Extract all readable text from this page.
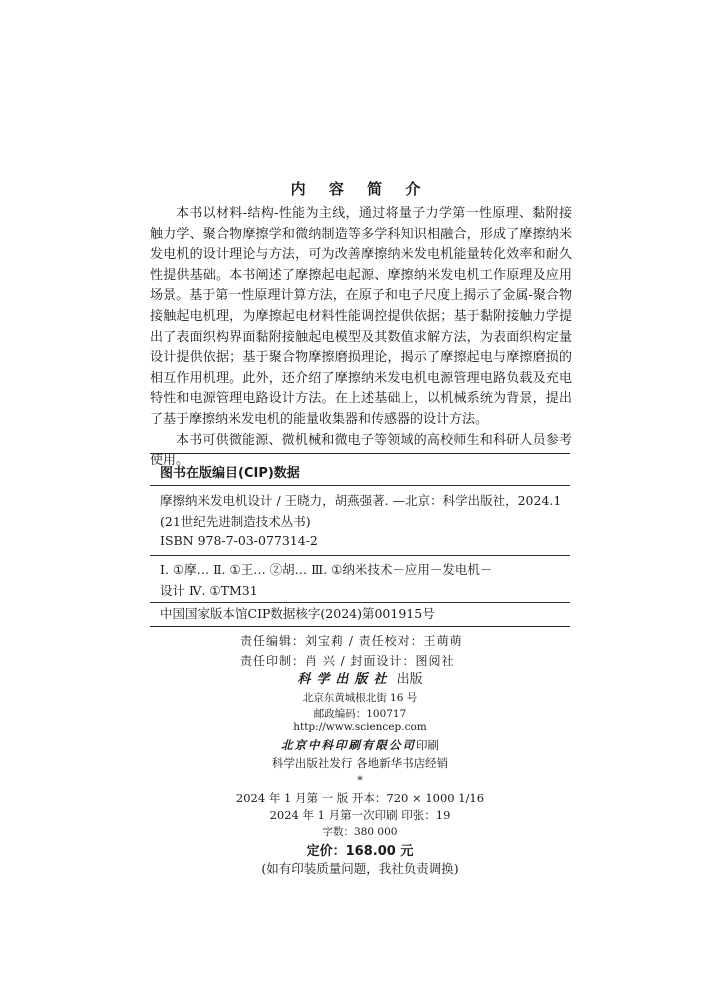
内 容 简 介

本书以材料-结构-性能为主线，通过将量子力学第一性原理、黏附接触力学、聚合物摩擦学和微纳制造等多学科知识相融合，形成了摩擦纳米发电机的设计理论与方法，可为改善摩擦纳米发电机能量转化效率和耐久性提供基础。本书阐述了摩擦起电起源、摩擦纳米发电机工作原理及应用场景。基于第一性原理计算方法，在原子和电子尺度上揭示了金属-聚合物接触起电机理，为摩擦起电材料性能调控提供依据；基于黏附接触力学提出了表面织构界面黏附接触起电模型及其数值求解方法，为表面织构定量设计提供依据；基于聚合物摩擦磨损理论，揭示了摩擦起电与摩擦磨损的相互作用机理。此外，还介绍了摩擦纳米发电机电源管理电路负载及充电特性和电源管理电路设计方法。在上述基础上，以机械系统为背景，提出了基于摩擦纳米发电机的能量收集器和传感器的设计方法。

本书可供微能源、微机械和微电子等领域的高校师生和科研人员参考使用。

图书在版编目(CIP)数据
摩擦纳米发电机设计 / 王晓力，胡燕强著. —北京：科学出版社，2024.1
(21世纪先进制造技术丛书)
ISBN 978-7-03-077314-2
Ⅰ. ①摩… Ⅱ. ①王… ②胡… Ⅲ. ①纳米技术－应用－发电机－
设计 Ⅳ. ①TM31
中国国家版本馆CIP数据核字(2024)第001915号
责任编辑：刘宝莉 / 责任校对：王萌萌
责任印制：肖 兴 / 封面设计：图阅社
科学出版社 出版
北京东黄城根北街 16 号
邮政编码：100717
http://www.sciencep.com
北京中科印刷有限公司印刷
科学出版社发行 各地新华书店经销
*
2024 年 1 月第 一 版 开本：720 × 1000 1/16
2024 年 1 月第一次印刷 印张：19
字数：380 000
定价：168.00 元
(如有印装质量问题，我社负责调换)
